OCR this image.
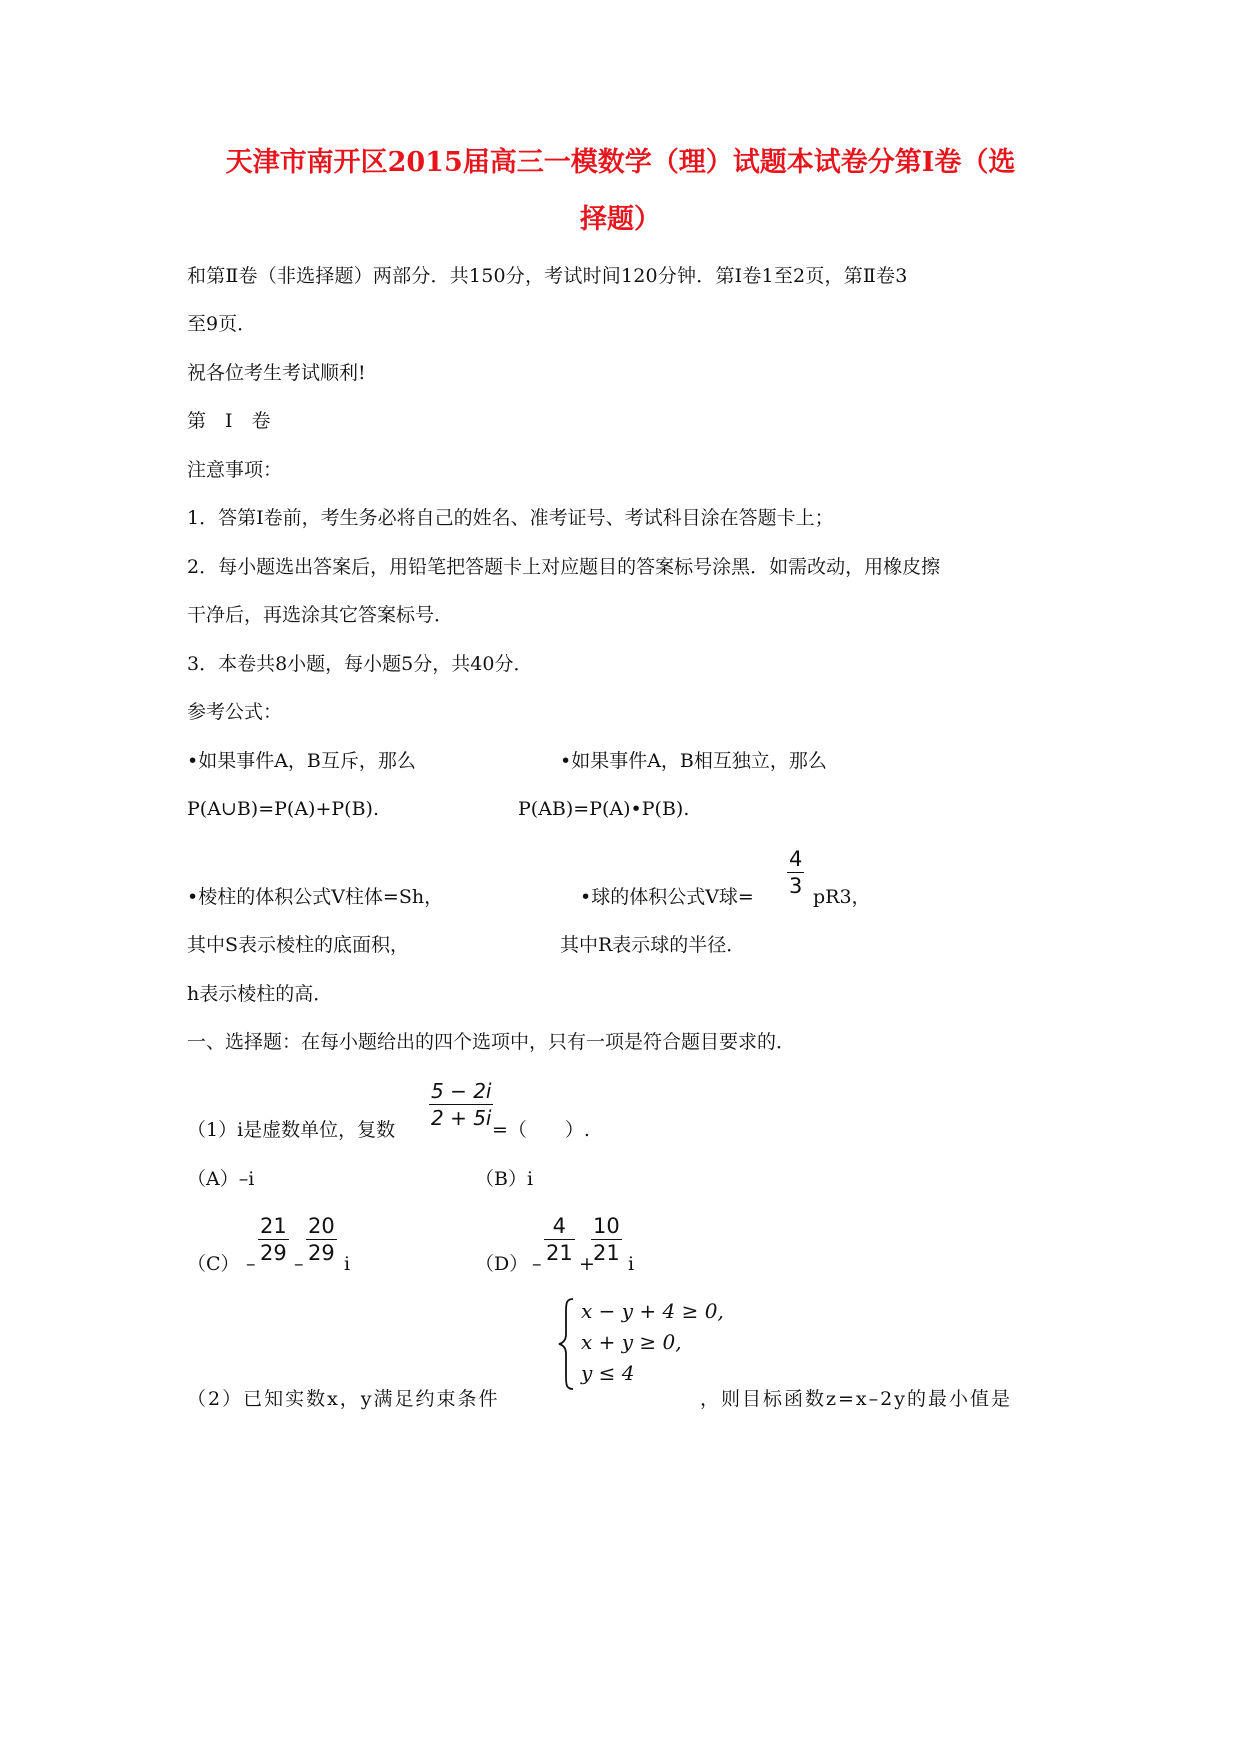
天津市南开区2015届高三一模数学（理）试题本试卷分第Ⅰ卷（选
择题）
和第Ⅱ卷（非选择题）两部分．共150分，考试时间120分钟．第Ⅰ卷1至2页，第Ⅱ卷3
至9页．
祝各位考生考试顺利!
第　Ⅰ　卷
注意事项：
1．答第Ⅰ卷前，考生务必将自己的姓名、准考证号、考试科目涂在答题卡上；
2．每小题选出答案后，用铅笔把答题卡上对应题目的答案标号涂黑．如需改动，用橡皮擦
干净后，再选涂其它答案标号．
3．本卷共8小题，每小题5分，共40分．
参考公式：
•如果事件A，B互斥，那么	•如果事件A，B相互独立，那么
P(A∪B)=P(A)+P(B).	P(AB)=P(A)•P(B).
•棱柱的体积公式V柱体=Sh，	•球的体积公式V球=
4
3 pR3，
其中S表示棱柱的底面积，	其中R表示球的半径．
h表示棱柱的高．
一、选择题：在每小题给出的四个选项中，只有一项是符合题目要求的．
（1）i是虚数单位，复数
5 − 2i
2 + 5i =（　　）.
（A）–i	（B）i
（C） –
21
29 –
20
29 i	（D） –
4
21 +
10
21 i
（2）已知实数x，y满足约束条件
x − y + 4 ≥ 0,
x + y ≥ 0,
y ≤ 4
，则目标函数z=x–2y的最小值是
